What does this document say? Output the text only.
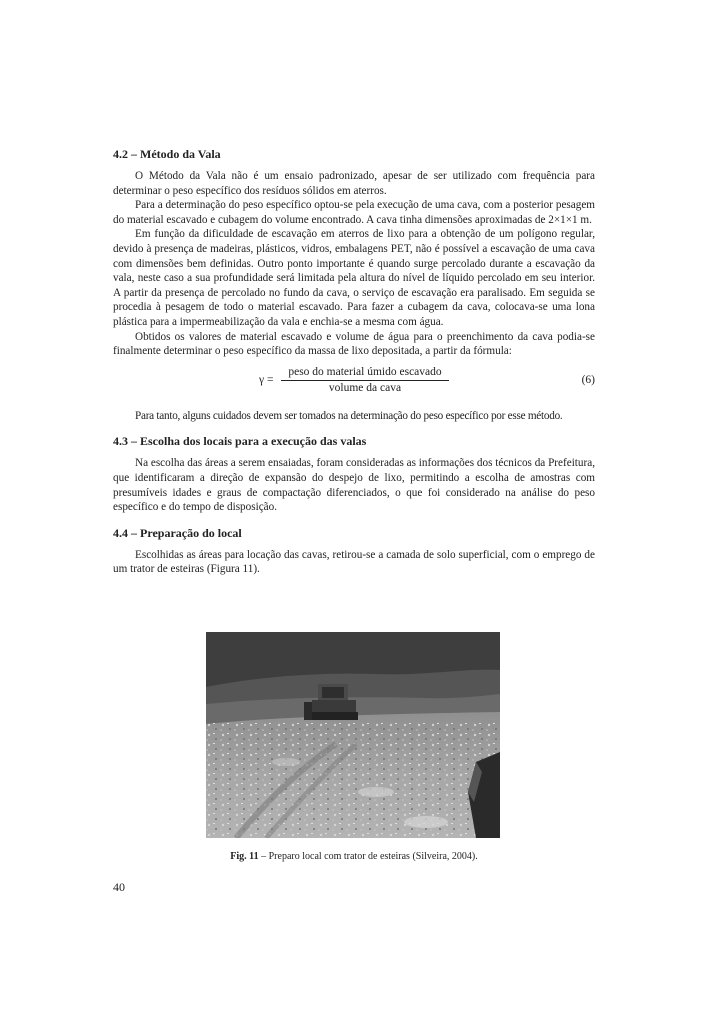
4.2 – Método da Vala

O Método da Vala não é um ensaio padronizado, apesar de ser utilizado com frequência para determinar o peso específico dos resíduos sólidos em aterros.

Para a determinação do peso específico optou-se pela execução de uma cava, com a posterior pesagem do material escavado e cubagem do volume encontrado. A cava tinha dimensões aproximadas de 2×1×1 m.

Em função da dificuldade de escavação em aterros de lixo para a obtenção de um polígono regular, devido à presença de madeiras, plásticos, vidros, embalagens PET, não é possível a escavação de uma cava com dimensões bem definidas. Outro ponto importante é quando surge percolado durante a escavação da vala, neste caso a sua profundidade será limitada pela altura do nível de líquido percolado em seu interior. A partir da presença de percolado no fundo da cava, o serviço de escavação era paralisado. Em seguida se procedia à pesagem de todo o material escavado. Para fazer a cubagem da cava, colocava-se uma lona plástica para a impermeabilização da vala e enchia-se a mesma com água.

Obtidos os valores de material escavado e volume de água para o preenchimento da cava podia-se finalmente determinar o peso específico da massa de lixo depositada, a partir da fórmula:

γ =
peso do material úmido escavado
volume da cava
(6)

Para tanto, alguns cuidados devem ser tomados na determinação do peso específico por esse método.

4.3 – Escolha dos locais para a execução das valas

Na escolha das áreas a serem ensaiadas, foram consideradas as informações dos técnicos da Prefeitura, que identificaram a direção de expansão do despejo de lixo, permitindo a escolha de amostras com presumíveis idades e graus de compactação diferenciados, o que foi considerado na análise do peso específico e do tempo de disposição.

4.4 – Preparação do local

Escolhidas as áreas para locação das cavas, retirou-se a camada de solo superficial, com o emprego de um trator de esteiras (Figura 11).

Fig. 11 – Preparo local com trator de esteiras (Silveira, 2004).
40
